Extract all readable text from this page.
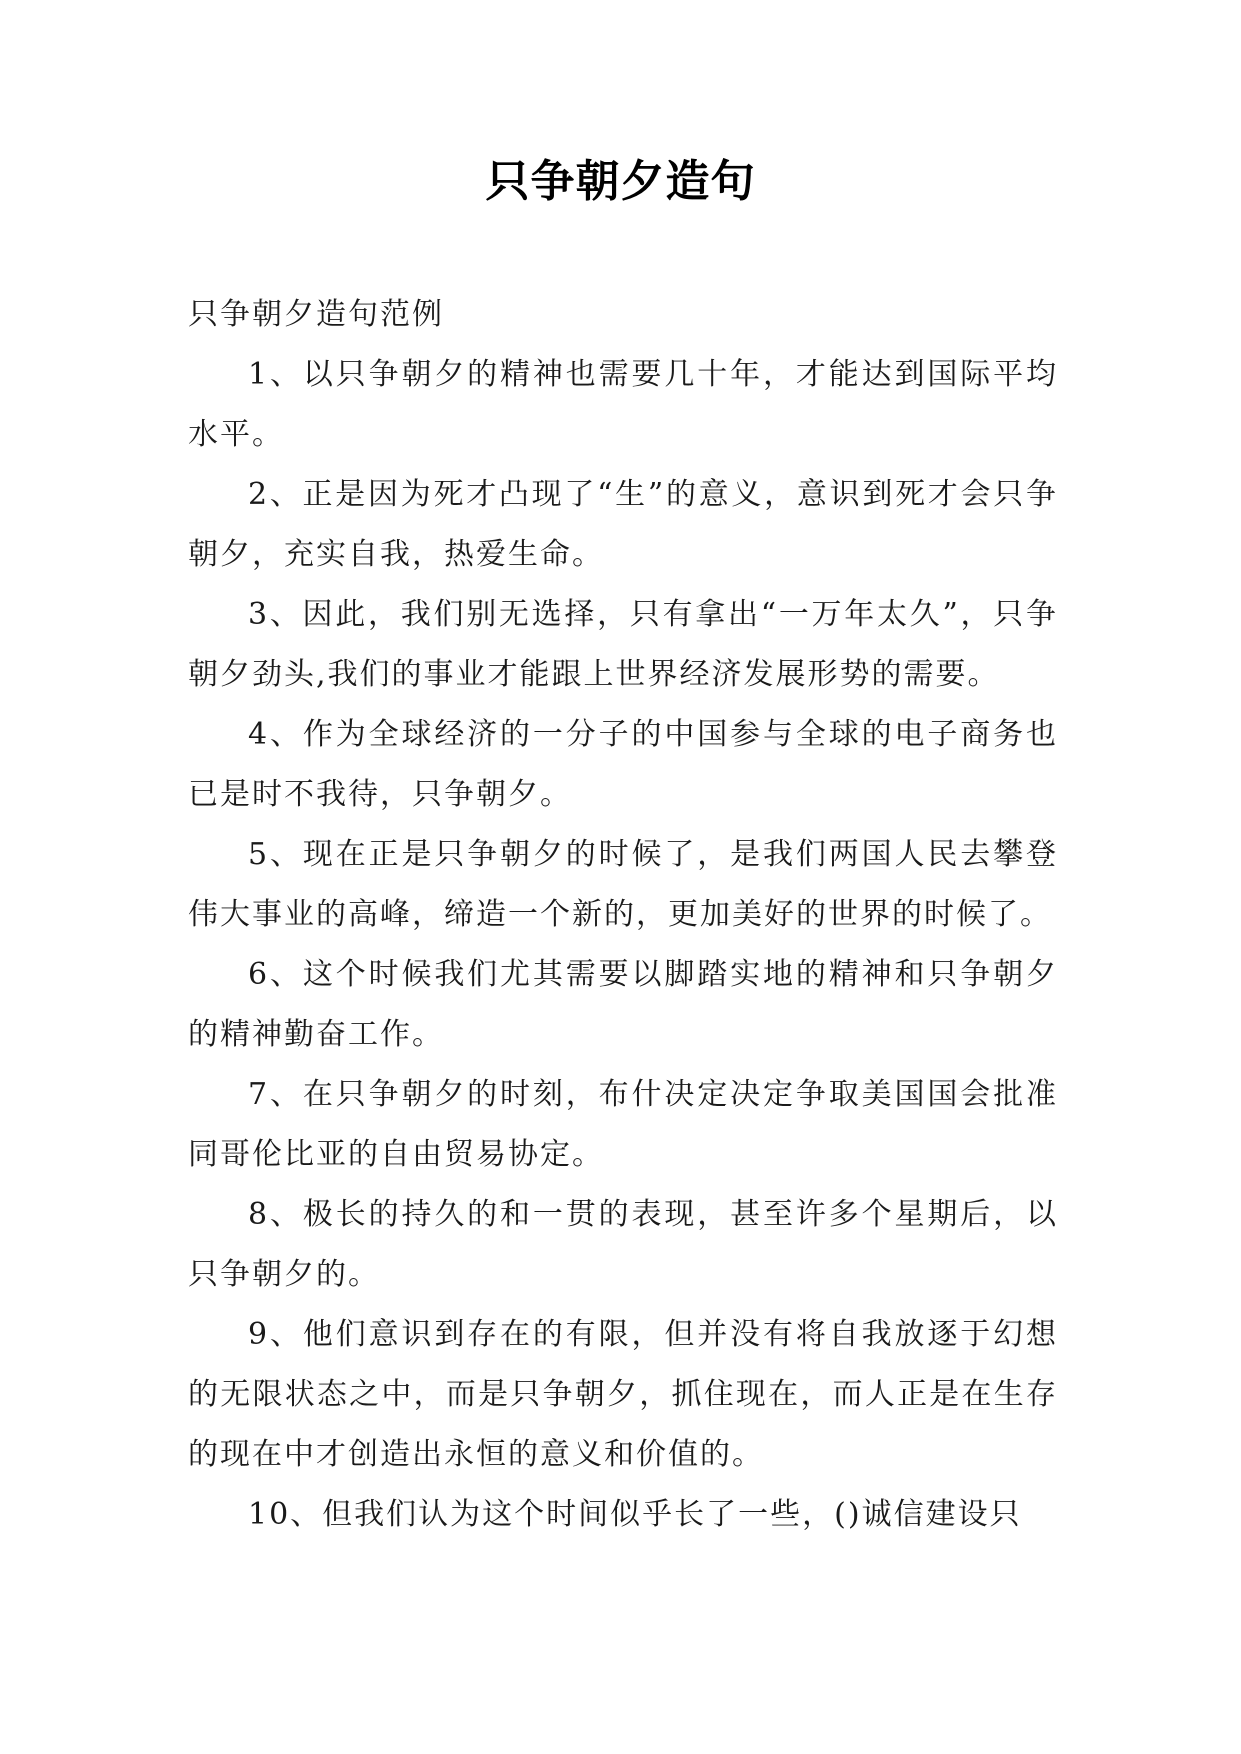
只争朝夕造句

只争朝夕造句范例

1、以只争朝夕的精神也需要几十年，才能达到国际平均水平。

2、正是因为死才凸现了“生”的意义，意识到死才会只争朝夕，充实自我，热爱生命。

3、因此，我们别无选择，只有拿出“一万年太久”，只争朝夕劲头,我们的事业才能跟上世界经济发展形势的需要。

4、作为全球经济的一分子的中国参与全球的电子商务也已是时不我待，只争朝夕。

5、现在正是只争朝夕的时候了，是我们两国人民去攀登伟大事业的高峰，缔造一个新的，更加美好的世界的时候了。

6、这个时候我们尤其需要以脚踏实地的精神和只争朝夕的精神勤奋工作。

7、在只争朝夕的时刻，布什决定决定争取美国国会批准同哥伦比亚的自由贸易协定。

8、极长的持久的和一贯的表现，甚至许多个星期后，以只争朝夕的。

9、他们意识到存在的有限，但并没有将自我放逐于幻想的无限状态之中，而是只争朝夕，抓住现在，而人正是在生存的现在中才创造出永恒的意义和价值的。

10、但我们认为这个时间似乎长了一些，()诚信建设只
